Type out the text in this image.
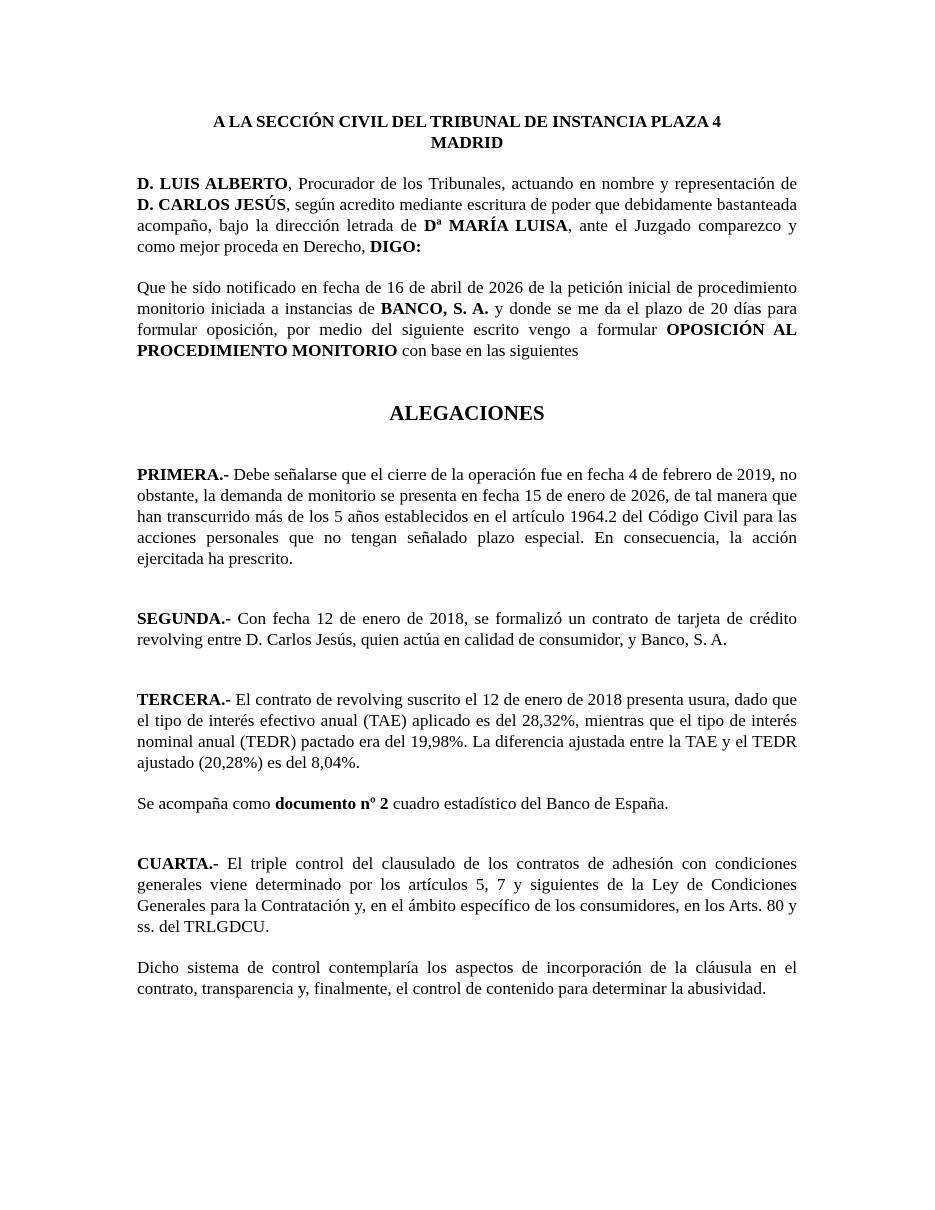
A LA SECCIÓN CIVIL DEL TRIBUNAL DE INSTANCIA PLAZA 4
MADRID

D. LUIS ALBERTO, Procurador de los Tribunales, actuando en nombre y representación de D. CARLOS JESÚS, según acredito mediante escritura de poder que debidamente bastanteada acompaño, bajo la dirección letrada de Dª MARÍA LUISA, ante el Juzgado comparezco y como mejor proceda en Derecho, DIGO:

Que he sido notificado en fecha de 16 de abril de 2026 de la petición inicial de procedimiento monitorio iniciada a instancias de BANCO, S. A. y donde se me da el plazo de 20 días para formular oposición, por medio del siguiente escrito vengo a formular OPOSICIÓN AL PROCEDIMIENTO MONITORIO con base en las siguientes

ALEGACIONES

PRIMERA.- Debe señalarse que el cierre de la operación fue en fecha 4 de febrero de 2019, no obstante, la demanda de monitorio se presenta en fecha 15 de enero de 2026, de tal manera que han transcurrido más de los 5 años establecidos en el artículo 1964.2 del Código Civil para las acciones personales que no tengan señalado plazo especial. En consecuencia, la acción ejercitada ha prescrito.

SEGUNDA.- Con fecha 12 de enero de 2018, se formalizó un contrato de tarjeta de crédito revolving entre D. Carlos Jesús, quien actúa en calidad de consumidor, y Banco, S. A.

TERCERA.- El contrato de revolving suscrito el 12 de enero de 2018 presenta usura, dado que el tipo de interés efectivo anual (TAE) aplicado es del 28,32%, mientras que el tipo de interés nominal anual (TEDR) pactado era del 19,98%. La diferencia ajustada entre la TAE y el TEDR ajustado (20,28%) es del 8,04%.

Se acompaña como documento nº 2 cuadro estadístico del Banco de España.

CUARTA.- El triple control del clausulado de los contratos de adhesión con condiciones generales viene determinado por los artículos 5, 7 y siguientes de la Ley de Condiciones Generales para la Contratación y, en el ámbito específico de los consumidores, en los Arts. 80 y ss. del TRLGDCU.

Dicho sistema de control contemplaría los aspectos de incorporación de la cláusula en el contrato, transparencia y, finalmente, el control de contenido para determinar la abusividad.
